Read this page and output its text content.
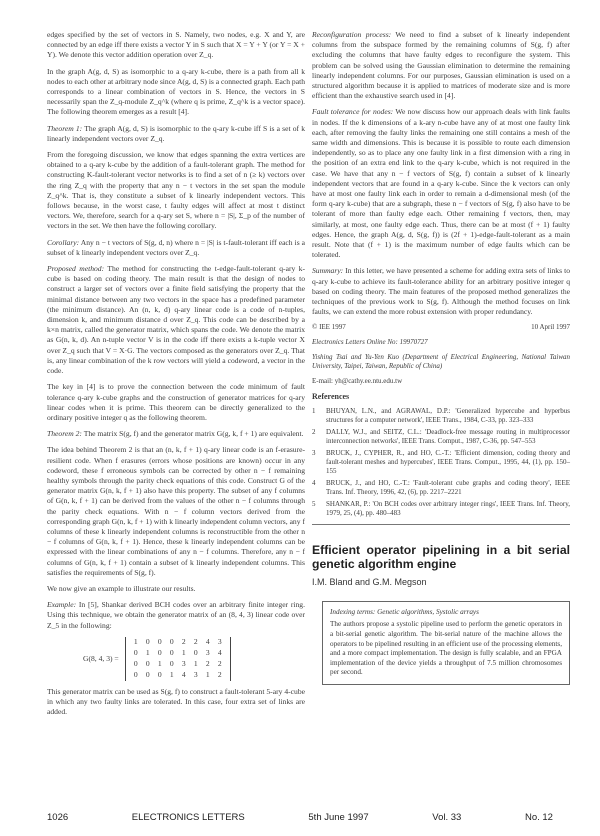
edges specified by the set of vectors in S. Namely, two nodes, e.g. X and Y, are connected by an edge iff there exists a vector Y in S such that X = Y + Y (or Y = X + Y). We denote this vector addition operation over Z_q.

In the graph A(g, d, S) as isomorphic to a q-ary k-cube, there is a path from all k nodes to each other at arbitrary node since A(g, d, S) is a connected graph. Each path corresponds to a linear combination of vectors in S. Hence, the vectors in S necessarily span the Z_q-module Z_q^k (where q is prime, Z_q^k is a vector space). The following theorem emerges as a result [4].

Theorem 1: The graph A(g, d, S) is isomorphic to the q-ary k-cube iff S is a set of k linearly independent vectors over Z_q.

From the foregoing discussion, we know that edges spanning the extra vertices are obtained to a q-ary k-cube by the addition of a fault-tolerant graph. The method for constructing K-fault-tolerant vector networks is to find a set of n (≥ k) vectors over the ring Z_q with the property that any n − t vectors in the set span the module Z_q^k. That is, they constitute a subset of k linearly independent vectors. This follows because, in the worst case, t faulty edges will affect at most t distinct vectors. We, therefore, search for a q-ary set S, where n = |S|, Σ_p of the number of vectors in the set. We then have the following corollary.

Corollary: Any n − t vectors of S(g, d, n) where n = |S| is t-fault-tolerant iff each is a subset of k linearly independent vectors over Z_q.

Proposed method: The method for constructing the t-edge-fault-tolerant q-ary k-cube is based on coding theory. The main result is that the design of nodes to construct a larger set of vectors over a finite field satisfying the property that the minimal distance between any two vectors in the space has a predefined parameter (the minimum distance). An (n, k, d) q-ary linear code is a code of n-tuples, dimension k, and minimum distance d over Z_q. This code can be described by a k×n matrix, called the generator matrix, which spans the code. We denote the matrix as G(n, k, d). An n-tuple vector V is in the code iff there exists a k-tuple vector X over Z_q such that V = X·G. The vectors composed as the generators over Z_q. That is, any linear combination of the k row vectors will yield a codeword, a vector in the code.

The key in [4] is to prove the connection between the code minimum of fault tolerance q-ary k-cube graphs and the construction of generator matrices for q-ary linear codes when it is prime. This theorem can be directly generalized to the ordinary positive integer q as the following theorem.

Theorem 2: The matrix S(g, f) and the generator matrix G(g, k, f + 1) are equivalent.

The idea behind Theorem 2 is that an (n, k, f + 1) q-ary linear code is an f-erasure-resilient code. When f erasures (errors whose positions are known) occur in any codeword, these f erroneous symbols can be corrected by other n − f remaining healthy symbols through the parity check equations of this code. Construct G of the generator matrix G(n, k, f + 1) also have this property. The subset of any f columns of G(n, k, f + 1) can be derived from the values of the other n − f columns through the parity check equations. With n − f column vectors derived from the corresponding graph G(n, k, f + 1) with k linearly independent column vectors, any f columns of these k linearly independent columns is reconstructible from the other n − f columns of G(n, k, f + 1). Hence, these k linearly independent columns can be expressed with the linear combinations of any n − f columns. Therefore, any n − f columns of G(n, k, f + 1) contain a subset of k linearly independent columns. This satisfies the requirements of S(g, f).

We now give an example to illustrate our results.

Example: In [5], Shankar derived BCH codes over an arbitrary finite integer ring. Using this technique, we obtain the generator matrix of an (8, 4, 3) linear code over Z_5 in the following:

G(8, 4, 3) =
1	0	0	0	2	2	4	3
0	1	0	0	1	0	3	4
0	0	1	0	3	1	2	2
0	0	0	1	4	3	1	2

This generator matrix can be used as S(g, f) to construct a fault-tolerant 5-ary 4-cube in which any two faulty links are tolerated. In this case, four extra set of links are added.

Reconfiguration process: We need to find a subset of k linearly independent columns from the subspace formed by the remaining columns of S(g, f) after excluding the columns that have faulty edges to reconfigure the system. This problem can be solved using the Gaussian elimination to determine the remaining linearly independent columns. For our purposes, Gaussian elimination is used on a structured algorithm because it is applied to matrices of moderate size and is more efficient than the exhaustive search used in [4].

Fault tolerance for nodes: We now discuss how our approach deals with link faults in nodes. If the k dimensions of a k-ary n-cube have any of at most one faulty link each, after removing the faulty links the remaining one still contains a mesh of the same width and dimensions. This is because it is possible to route each dimension independently, so as to place any one faulty link in a first dimension with a ring in the position of an extra end link to the q-ary k-cube, which is not required in the case. We have that any n − f vectors of S(g, f) contain a subset of k linearly independent vectors that are found in a q-ary k-cube. Since the k vectors can only have at most one faulty link each in order to remain a d-dimensional mesh (of the form q-ary k-cube) that are a subgraph, these n − f vectors of S(g, f) also have to be tolerant of more than faulty edge each. Other remaining f vectors, then, may similarly, at most, one faulty edge each. Thus, there can be at most (f + 1) faulty edges. Hence, the graph A(g, d, S(g, f)) is (2f + 1)-edge-fault-tolerant as a main result. Note that (f + 1) is the maximum number of edge faults which can be tolerated.

Summary: In this letter, we have presented a scheme for adding extra sets of links to q-ary k-cube to achieve its fault-tolerance ability for an arbitrary positive integer q based on coding theory. The main features of the proposed method generalizes the techniques of the previous work to S(g, f). Although the method focuses on link faults, we can extend the more robust extension with proper redundancy.

© IEE 1997	10 April 1997
Electronics Letters Online No: 19970727
Yishing Tsai and Yu-Yen Kuo (Department of Electrical Engineering, National Taiwan University, Taipei, Taiwan, Republic of China)
E-mail: yh@cathy.ee.ntu.edu.tw
References
1	BHUYAN, L.N., and AGRAWAL, D.P.: 'Generalized hypercube and hyperbus structures for a computer network', IEEE Trans., 1984, C-33, pp. 323–333
2	DALLY, W.J., and SEITZ, C.L.: 'Deadlock-free message routing in multiprocessor interconnection networks', IEEE Trans. Comput., 1987, C-36, pp. 547–553
3	BRUCK, J., CYPHER, R., and HO, C.-T.: 'Efficient dimension, coding theory and fault-tolerant meshes and hypercubes', IEEE Trans. Comput., 1995, 44, (1), pp. 150–155
4	BRUCK, J., and HO, C.-T.: 'Fault-tolerant cube graphs and coding theory', IEEE Trans. Inf. Theory, 1996, 42, (6), pp. 2217–2221
5	SHANKAR, P.: 'On BCH codes over arbitrary integer rings', IEEE Trans. Inf. Theory, 1979, 25, (4), pp. 480–483
Efficient operator pipelining in a bit serial genetic algorithm engine
I.M. Bland and G.M. Megson
Indexing terms: Genetic algorithms, Systolic arrays
The authors propose a systolic pipeline used to perform the genetic operators in a bit-serial genetic algorithm. The bit-serial nature of the machine allows the operators to be pipelined resulting in an efficient use of the processing elements, and a more compact implementation. The design is fully scalable, and an FPGA implementation of the device yields a throughput of 7.5 million chromosomes per second.
1026	ELECTRONICS LETTERS	5th June 1997	Vol. 33	No. 12
